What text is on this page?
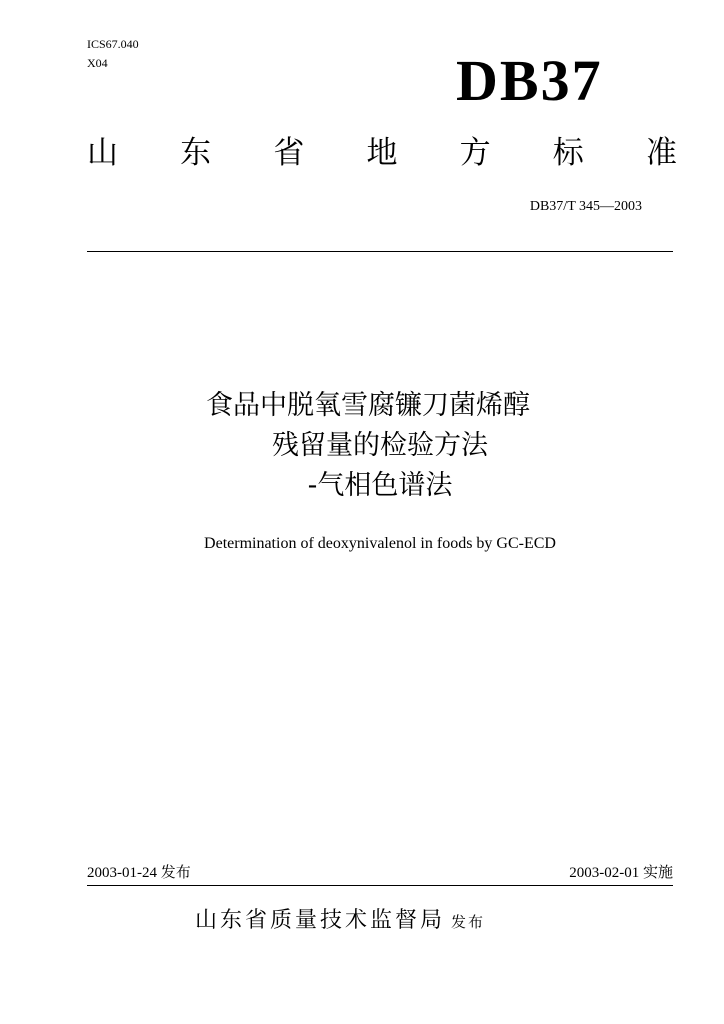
ICS67.040
X04	DB37
山 东 省 地 方 标 准
DB37/T 345—2003
食品中脱氧雪腐镰刀菌烯醇
残留量的检验方法
-气相色谱法
Determination of deoxynivalenol in foods by GC-ECD
2003-01-24 发布	2003-02-01 实施
山东省质量技术监督局 发布
